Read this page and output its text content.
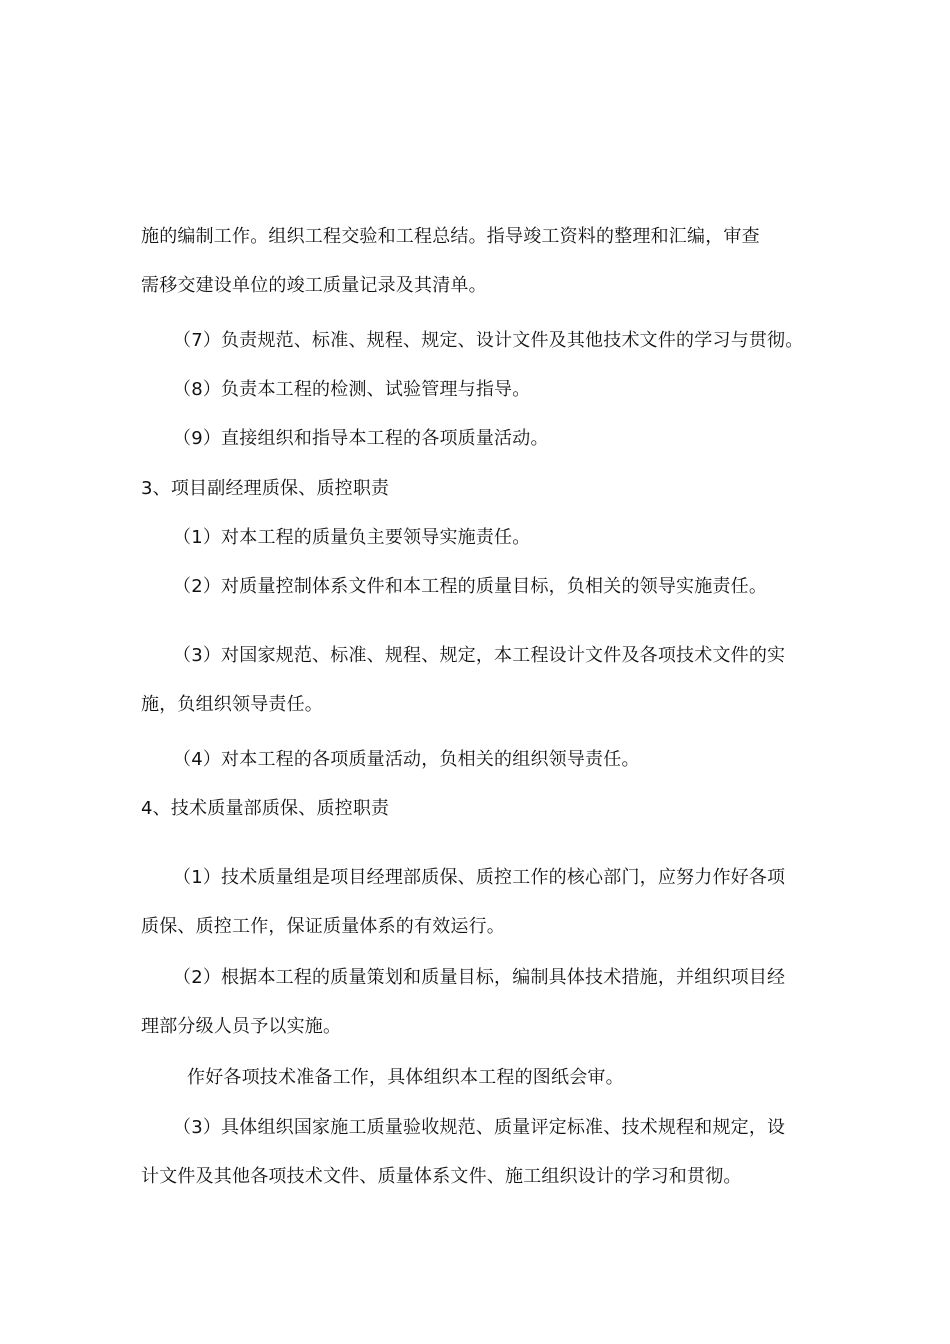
施的编制工作。组织工程交验和工程总结。指导竣工资料的整理和汇编，审查
需移交建设单位的竣工质量记录及其清单。
（7）负责规范、标准、规程、规定、设计文件及其他技术文件的学习与贯彻。
（8）负责本工程的检测、试验管理与指导。
（9）直接组织和指导本工程的各项质量活动。
3、项目副经理质保、质控职责
（1）对本工程的质量负主要领导实施责任。
（2）对质量控制体系文件和本工程的质量目标，负相关的领导实施责任。
（3）对国家规范、标准、规程、规定，本工程设计文件及各项技术文件的实
施，负组织领导责任。
（4）对本工程的各项质量活动，负相关的组织领导责任。
4、技术质量部质保、质控职责
（1）技术质量组是项目经理部质保、质控工作的核心部门，应努力作好各项
质保、质控工作，保证质量体系的有效运行。
（2）根据本工程的质量策划和质量目标，编制具体技术措施，并组织项目经
理部分级人员予以实施。
作好各项技术准备工作，具体组织本工程的图纸会审。
（3）具体组织国家施工质量验收规范、质量评定标准、技术规程和规定，设
计文件及其他各项技术文件、质量体系文件、施工组织设计的学习和贯彻。
